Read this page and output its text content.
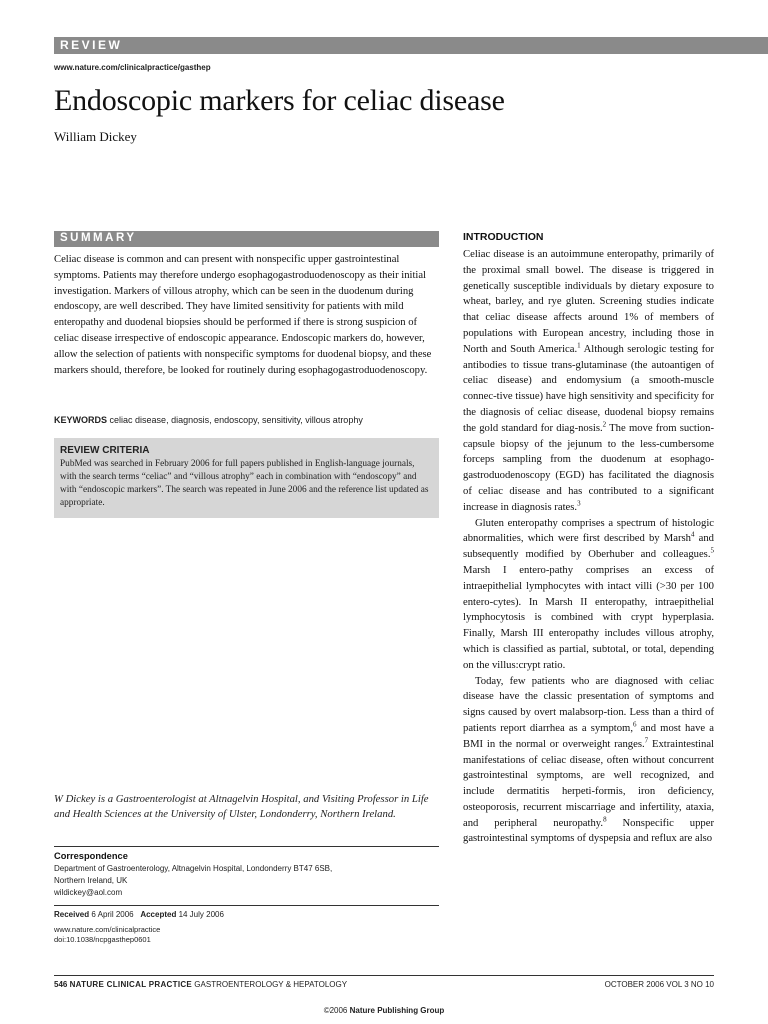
REVIEW
www.nature.com/clinicalpractice/gasthep
Endoscopic markers for celiac disease
William Dickey
SUMMARY
Celiac disease is common and can present with nonspecific upper gastrointestinal symptoms. Patients may therefore undergo esophagogastroduodenoscopy as their initial investigation. Markers of villous atrophy, which can be seen in the duodenum during endoscopy, are well described. They have limited sensitivity for patients with mild enteropathy and duodenal biopsies should be performed if there is strong suspicion of celiac disease irrespective of endoscopic appearance. Endoscopic markers do, however, allow the selection of patients with nonspecific symptoms for duodenal biopsy, and these markers should, therefore, be looked for routinely during esophagogastroduodenoscopy.
KEYWORDS celiac disease, diagnosis, endoscopy, sensitivity, villous atrophy
REVIEW CRITERIA
PubMed was searched in February 2006 for full papers published in English-language journals, with the search terms “celiac” and “villous atrophy” each in combination with “endoscopy” and with “endoscopic markers”. The search was repeated in June 2006 and the reference list updated as appropriate.
W Dickey is a Gastroenterologist at Altnagelvin Hospital, and Visiting Professor in Life and Health Sciences at the University of Ulster, Londonderry, Northern Ireland.
Correspondence
Department of Gastroenterology, Altnagelvin Hospital, Londonderry BT47 6SB,
Northern Ireland, UK
wildickey@aol.com
Received 6 April 2006 Accepted 14 July 2006
www.nature.com/clinicalpractice
doi:10.1038/ncpgasthep0601
INTRODUCTION

Celiac disease is an autoimmune enteropathy, primarily of the proximal small bowel. The disease is triggered in genetically susceptible individuals by dietary exposure to wheat, barley, and rye gluten. Screening studies indicate that celiac disease affects around 1% of members of populations with European ancestry, including those in North and South America.$^1$ Although serologic testing for antibodies to tissue trans-glutaminase (the autoantigen of celiac disease) and endomysium (a smooth-muscle connec-tive tissue) have high sensitivity and specificity for the diagnosis of celiac disease, duodenal biopsy remains the gold standard for diag-nosis.$^2$ The move from suction-capsule biopsy of the jejunum to the less-cumbersome forceps sampling from the duodenum at esophago-gastroduodenoscopy (EGD) has facilitated the diagnosis of celiac disease and has contributed to a significant increase in diagnosis rates.$^3$

Gluten enteropathy comprises a spectrum of histologic abnormalities, which were first described by Marsh$^4$ and subsequently modified by Oberhuber and colleagues.$^5$ Marsh I entero-pathy comprises an excess of intraepithelial lymphocytes with intact villi (>30 per 100 entero-cytes). In Marsh II enteropathy, intraepithelial lymphocytosis is combined with crypt hyperplasia. Finally, Marsh III enteropathy includes villous atrophy, which is classified as partial, subtotal, or total, depending on the villus:crypt ratio.

Today, few patients who are diagnosed with celiac disease have the classic presentation of symptoms and signs caused by overt malabsorp-tion. Less than a third of patients report diarrhea as a symptom,$^6$ and most have a BMI in the normal or overweight ranges.$^7$ Extraintestinal manifestations of celiac disease, often without concurrent gastrointestinal symptoms, are well recognized, and include dermatitis herpeti-formis, iron deficiency, osteoporosis, recurrent miscarriage and infertility, ataxia, and peripheral neuropathy.$^8$ Nonspecific upper gastrointestinal symptoms of dyspepsia and reflux are also

546 NATURE CLINICAL PRACTICE GASTROENTEROLOGY & HEPATOLOGY	OCTOBER 2006 VOL 3 NO 10
©2006 Nature Publishing Group
